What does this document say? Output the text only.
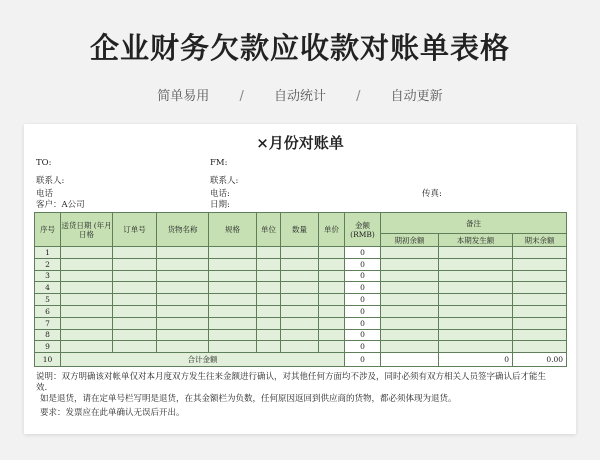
企业财务欠款应收款对账单表格
简单易用 / 自动统计 / 自动更新
×月份对账单
TO:	FM:
联系人:	联系人:
电话	电话:	传真:
客户：A公司	日期:
序号	送货日期 (年月日格	订单号	货物名称	规格	单位	数量	单价	金额 (RMB)	备注		
									期初余额	本期发生额	期末余额
1								0			
2								0			
3								0			
4								0			
5								0			
6								0			
7								0			
8								0			
9								0			
10	合计金额							0		0	0.00
说明：双方明确该对帐单仅对本月度双方发生往来金额进行确认，对其他任何方面均不涉及，同时必须有双方相关人员签字确认后才能生
效.
如是退货，请在定单号栏写明是退货，在其金额栏为负数，任何原因返回到供应商的货物，都必须体现为退货。
要求：发票应在此单确认无误后开出。
